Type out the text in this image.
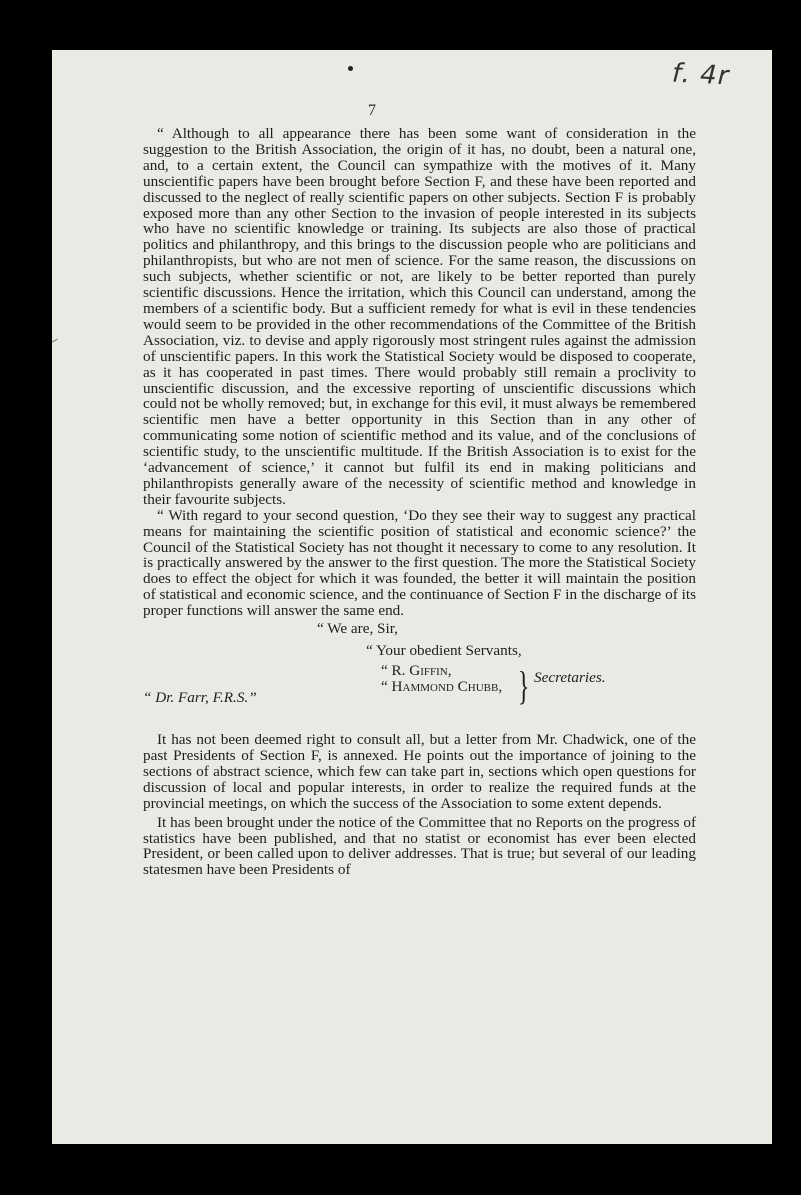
f. 4r
7

“ Although to all appearance there has been some want of consideration in the suggestion to the British Association, the origin of it has, no doubt, been a natural one, and, to a certain extent, the Council can sympathize with the motives of it. Many unscientific papers have been brought before Section F, and these have been reported and discussed to the neglect of really scientific papers on other subjects. Section F is probably exposed more than any other Section to the invasion of people interested in its subjects who have no scientific knowledge or training. Its subjects are also those of practical politics and philanthropy, and this brings to the discussion people who are politicians and philanthropists, but who are not men of science. For the same reason, the discussions on such subjects, whether scientific or not, are likely to be better reported than purely scientific discussions. Hence the irritation, which this Council can understand, among the members of a scientific body. But a sufficient remedy for what is evil in these tendencies would seem to be provided in the other recommendations of the Committee of the British Association, viz. to devise and apply rigorously most stringent rules against the admission of unscientific papers. In this work the Statistical Society would be disposed to cooperate, as it has cooperated in past times. There would probably still remain a proclivity to unscientific discussion, and the excessive reporting of unscientific discussions which could not be wholly removed; but, in exchange for this evil, it must always be remembered scientific men have a better opportunity in this Section than in any other of communicating some notion of scientific method and its value, and of the conclusions of scientific study, to the unscientific multitude. If the British Association is to exist for the ‘advancement of science,’ it cannot but fulfil its end in making politicians and philanthropists generally aware of the necessity of scientific method and knowledge in their favourite subjects.

“ With regard to your second question, ‘Do they see their way to suggest any practical means for maintaining the scientific position of statistical and economic science?’ the Council of the Statistical Society has not thought it necessary to come to any resolution. It is practically answered by the answer to the first question. The more the Statistical Society does to effect the object for which it was founded, the better it will maintain the position of statistical and economic science, and the continuance of Section F in the discharge of its proper functions will answer the same end.

“ We are, Sir,
“ Your obedient Servants,
“ R. Giffin,
“ Hammond Chubb, } Secretaries.
“ Dr. Farr, F.R.S.”

It has not been deemed right to consult all, but a letter from Mr. Chadwick, one of the past Presidents of Section F, is annexed. He points out the importance of joining to the sections of abstract science, which few can take part in, sections which open questions for discussion of local and popular interests, in order to realize the required funds at the provincial meetings, on which the success of the Association to some extent depends.

It has been brought under the notice of the Committee that no Reports on the progress of statistics have been published, and that no statist or economist has ever been elected President, or been called upon to deliver addresses. That is true; but several of our leading statesmen have been Presidents of
